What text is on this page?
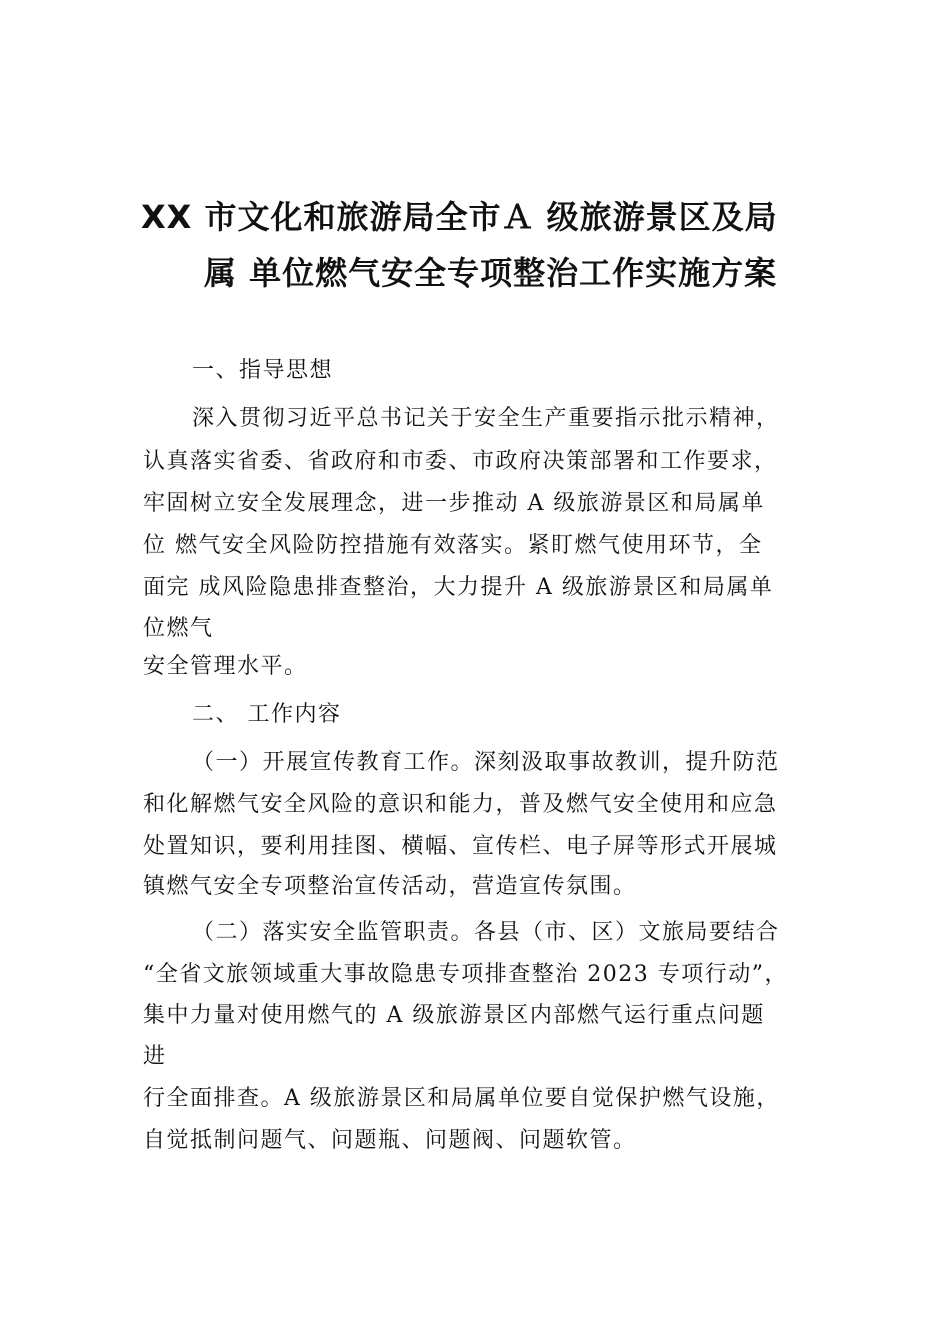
XX 市文化和旅游局全市Ａ 级旅游景区及局
属 单位燃气安全专项整治工作实施方案
一、指导思想
深入贯彻习近平总书记关于安全生产重要指示批示精神，
认真落实省委、省政府和市委、市政府决策部署和工作要求，
牢固树立安全发展理念，进一步推动 A 级旅游景区和局属单
位 燃气安全风险防控措施有效落实。紧盯燃气使用环节，全
面完 成风险隐患排查整治，大力提升 A 级旅游景区和局属单
位燃气
安全管理水平。
二、 工作内容
（一）开展宣传教育工作。深刻汲取事故教训，提升防范
和化解燃气安全风险的意识和能力，普及燃气安全使用和应急
处置知识，要利用挂图、横幅、宣传栏、电子屏等形式开展城
镇燃气安全专项整治宣传活动，营造宣传氛围。
（二）落实安全监管职责。各县（市、区）文旅局要结合
“全省文旅领域重大事故隐患专项排查整治 2023 专项行动”，
集中力量对使用燃气的 A 级旅游景区内部燃气运行重点问题
进
行全面排查。A 级旅游景区和局属单位要自觉保护燃气设施，
自觉抵制问题气、问题瓶、问题阀、问题软管。
